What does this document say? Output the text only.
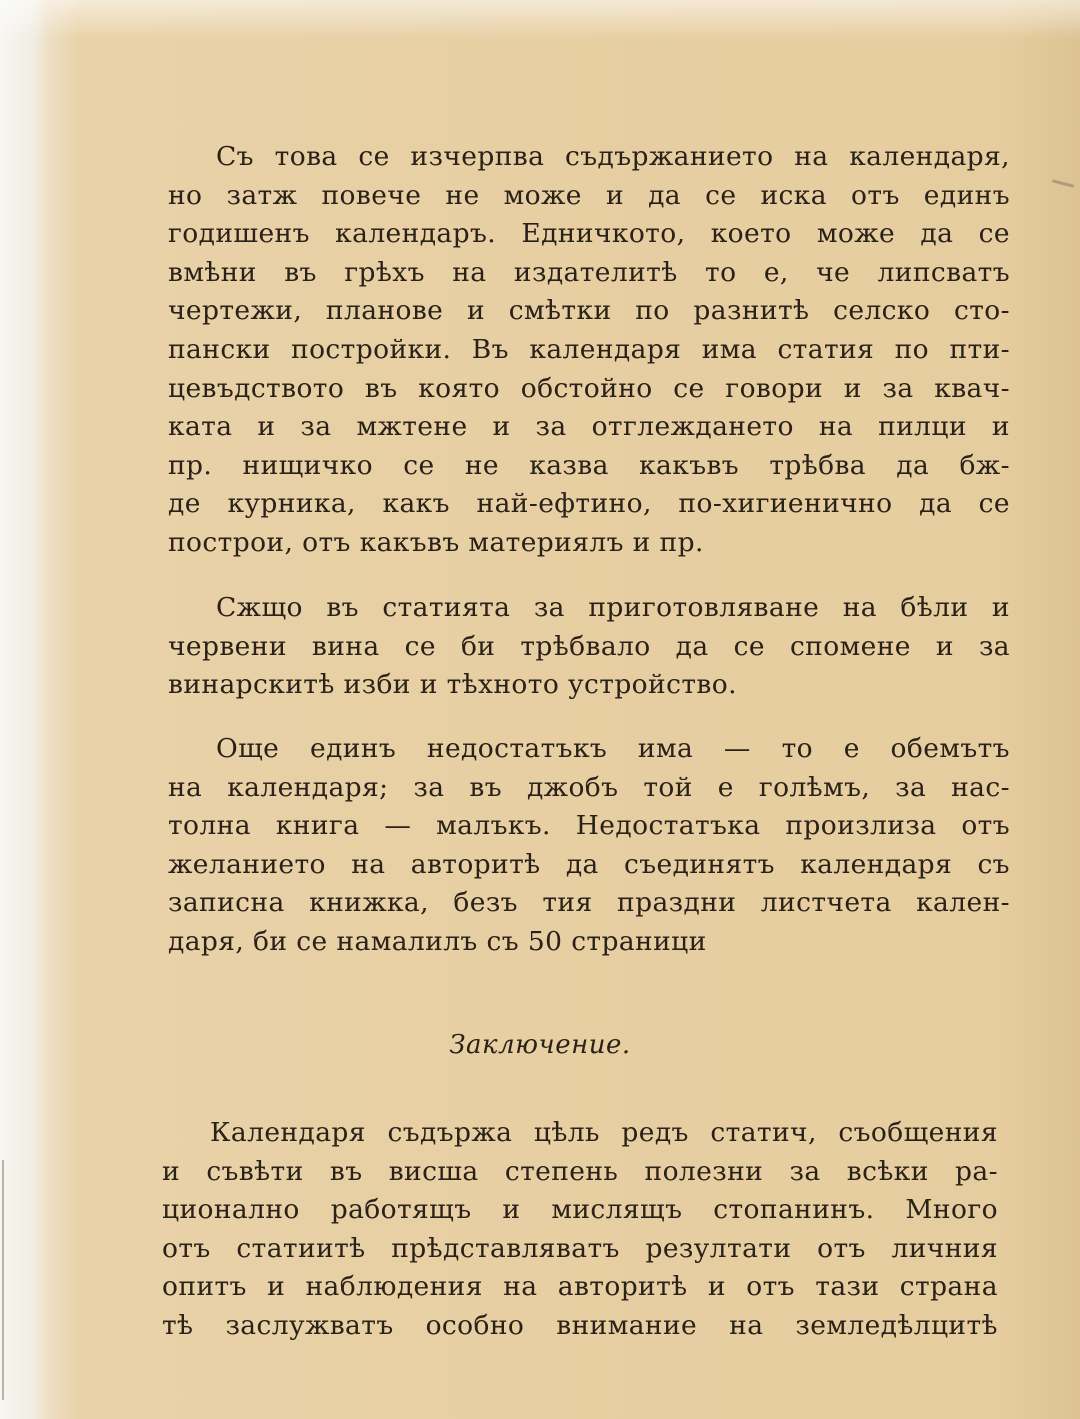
Съ това се изчерпва съдържанието на календаря,
но затж повече не може и да се иска отъ единъ
годишенъ календаръ. Едничкото, което може да се
вмѣни въ грѣхъ на издателитѣ то е, че липсватъ
чертежи, плaнове и смѣтки по разнитѣ селско сто-
пански постройки. Въ календаря има статия по пти-
цевъдството въ която обстойно се говори и за квач-
ката и за мжтене и за отглеждането на пилци и
пр. нищичко се не казва какъвъ трѣбва да бж-
де курника, какъ най-ефтино, по-хигиенично да се
построи, отъ какъвъ материялъ и пр.
Сжщо въ статията за приготовляване на бѣли и
червени вина се би трѣбвало да се спомене и за
винарскитѣ изби и тѣхното устройство.
Още единъ недостатъкъ има — то е обемътъ
на календаря; за въ джобъ той е голѣмъ, за нас-
толна книга — малъкъ. Недостатъка произлиза отъ
желанието на авторитѣ да съединятъ календаря съ
записна книжка, безъ тия праздни листчета кален-
даря, би се намалилъ съ 50 страници
Заключение.
Календаря съдържа цѣль редъ статич, съобщения
и съвѣти въ висша степень полезни за всѣки ра-
ционално работящъ и мислящъ стопанинъ. Много
отъ статиитѣ прѣдставляватъ резултати отъ личния
опитъ и наблюдения на авторитѣ и отъ тази страна
тѣ заслужватъ особно внимание на земледѣлцитѣ
